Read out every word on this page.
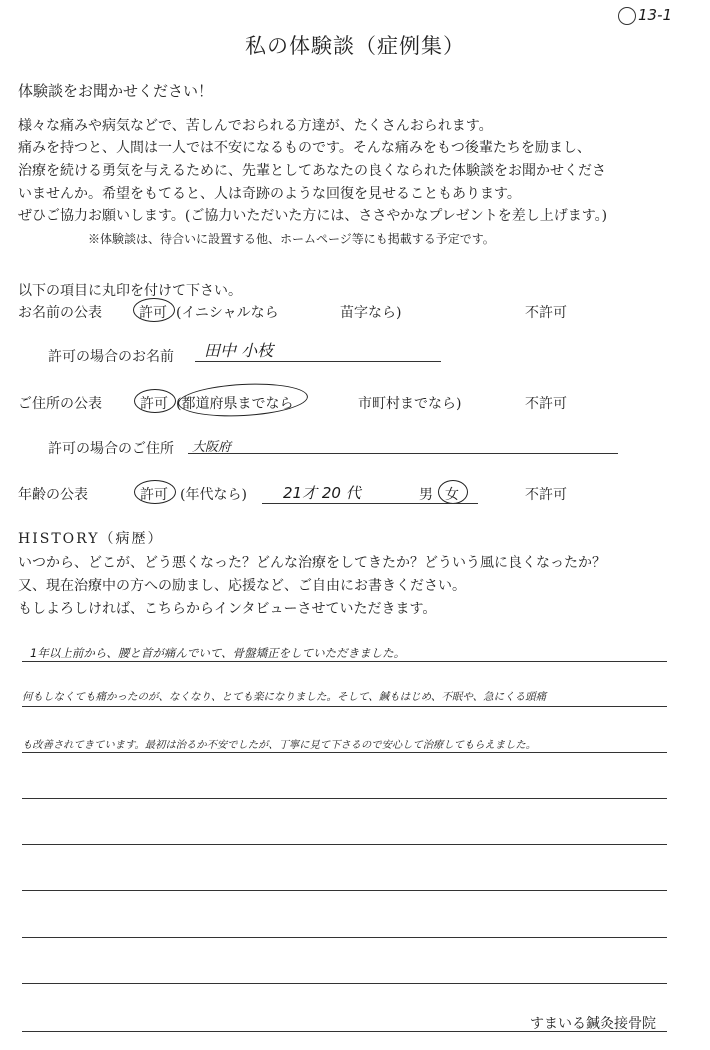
13-1
私の体験談（症例集）
体験談をお聞かせください！
様々な痛みや病気などで、苦しんでおられる方達が、たくさんおられます。
痛みを持つと、人間は一人では不安になるものです。そんな痛みをもつ後輩たちを励まし、
治療を続ける勇気を与えるために、先輩としてあなたの良くなられた体験談をお聞かせくださ
いませんか。希望をもてると、人は奇跡のような回復を見せることもあります。
ぜひご協力お願いします。(ご協力いただいた方には、ささやかなプレゼントを差し上げます。)
※体験談は、待合いに設置する他、ホームページ等にも掲載する予定です。
以下の項目に丸印を付けて下さい。
お名前の公表	許可 (イニシャルなら	苗字なら)	不許可
許可の場合のお名前 田中 小枝
ご住所の公表	許可 (都道府県までなら	市町村までなら)	不許可
許可の場合のご住所 大阪府
年齢の公表	許可 (年代なら) 21才 20 代	男 女	不許可
HISTORY（病歴）
いつから、どこが、どう悪くなった？どんな治療をしてきたか？どういう風に良くなったか？
又、現在治療中の方への励まし、応援など、ご自由にお書きください。
もしよろしければ、こちらからインタビューさせていただきます。
1年以上前から、腰と首が痛んでいて、骨盤矯正をしていただきました。
何もしなくても痛かったのが、なくなり、とても楽になりました。そして、鍼もはじめ、不眠や、急にくる頭痛
も改善されてきています。最初は治るか不安でしたが、丁寧に見て下さるので安心して治療してもらえました。
すまいる鍼灸接骨院
